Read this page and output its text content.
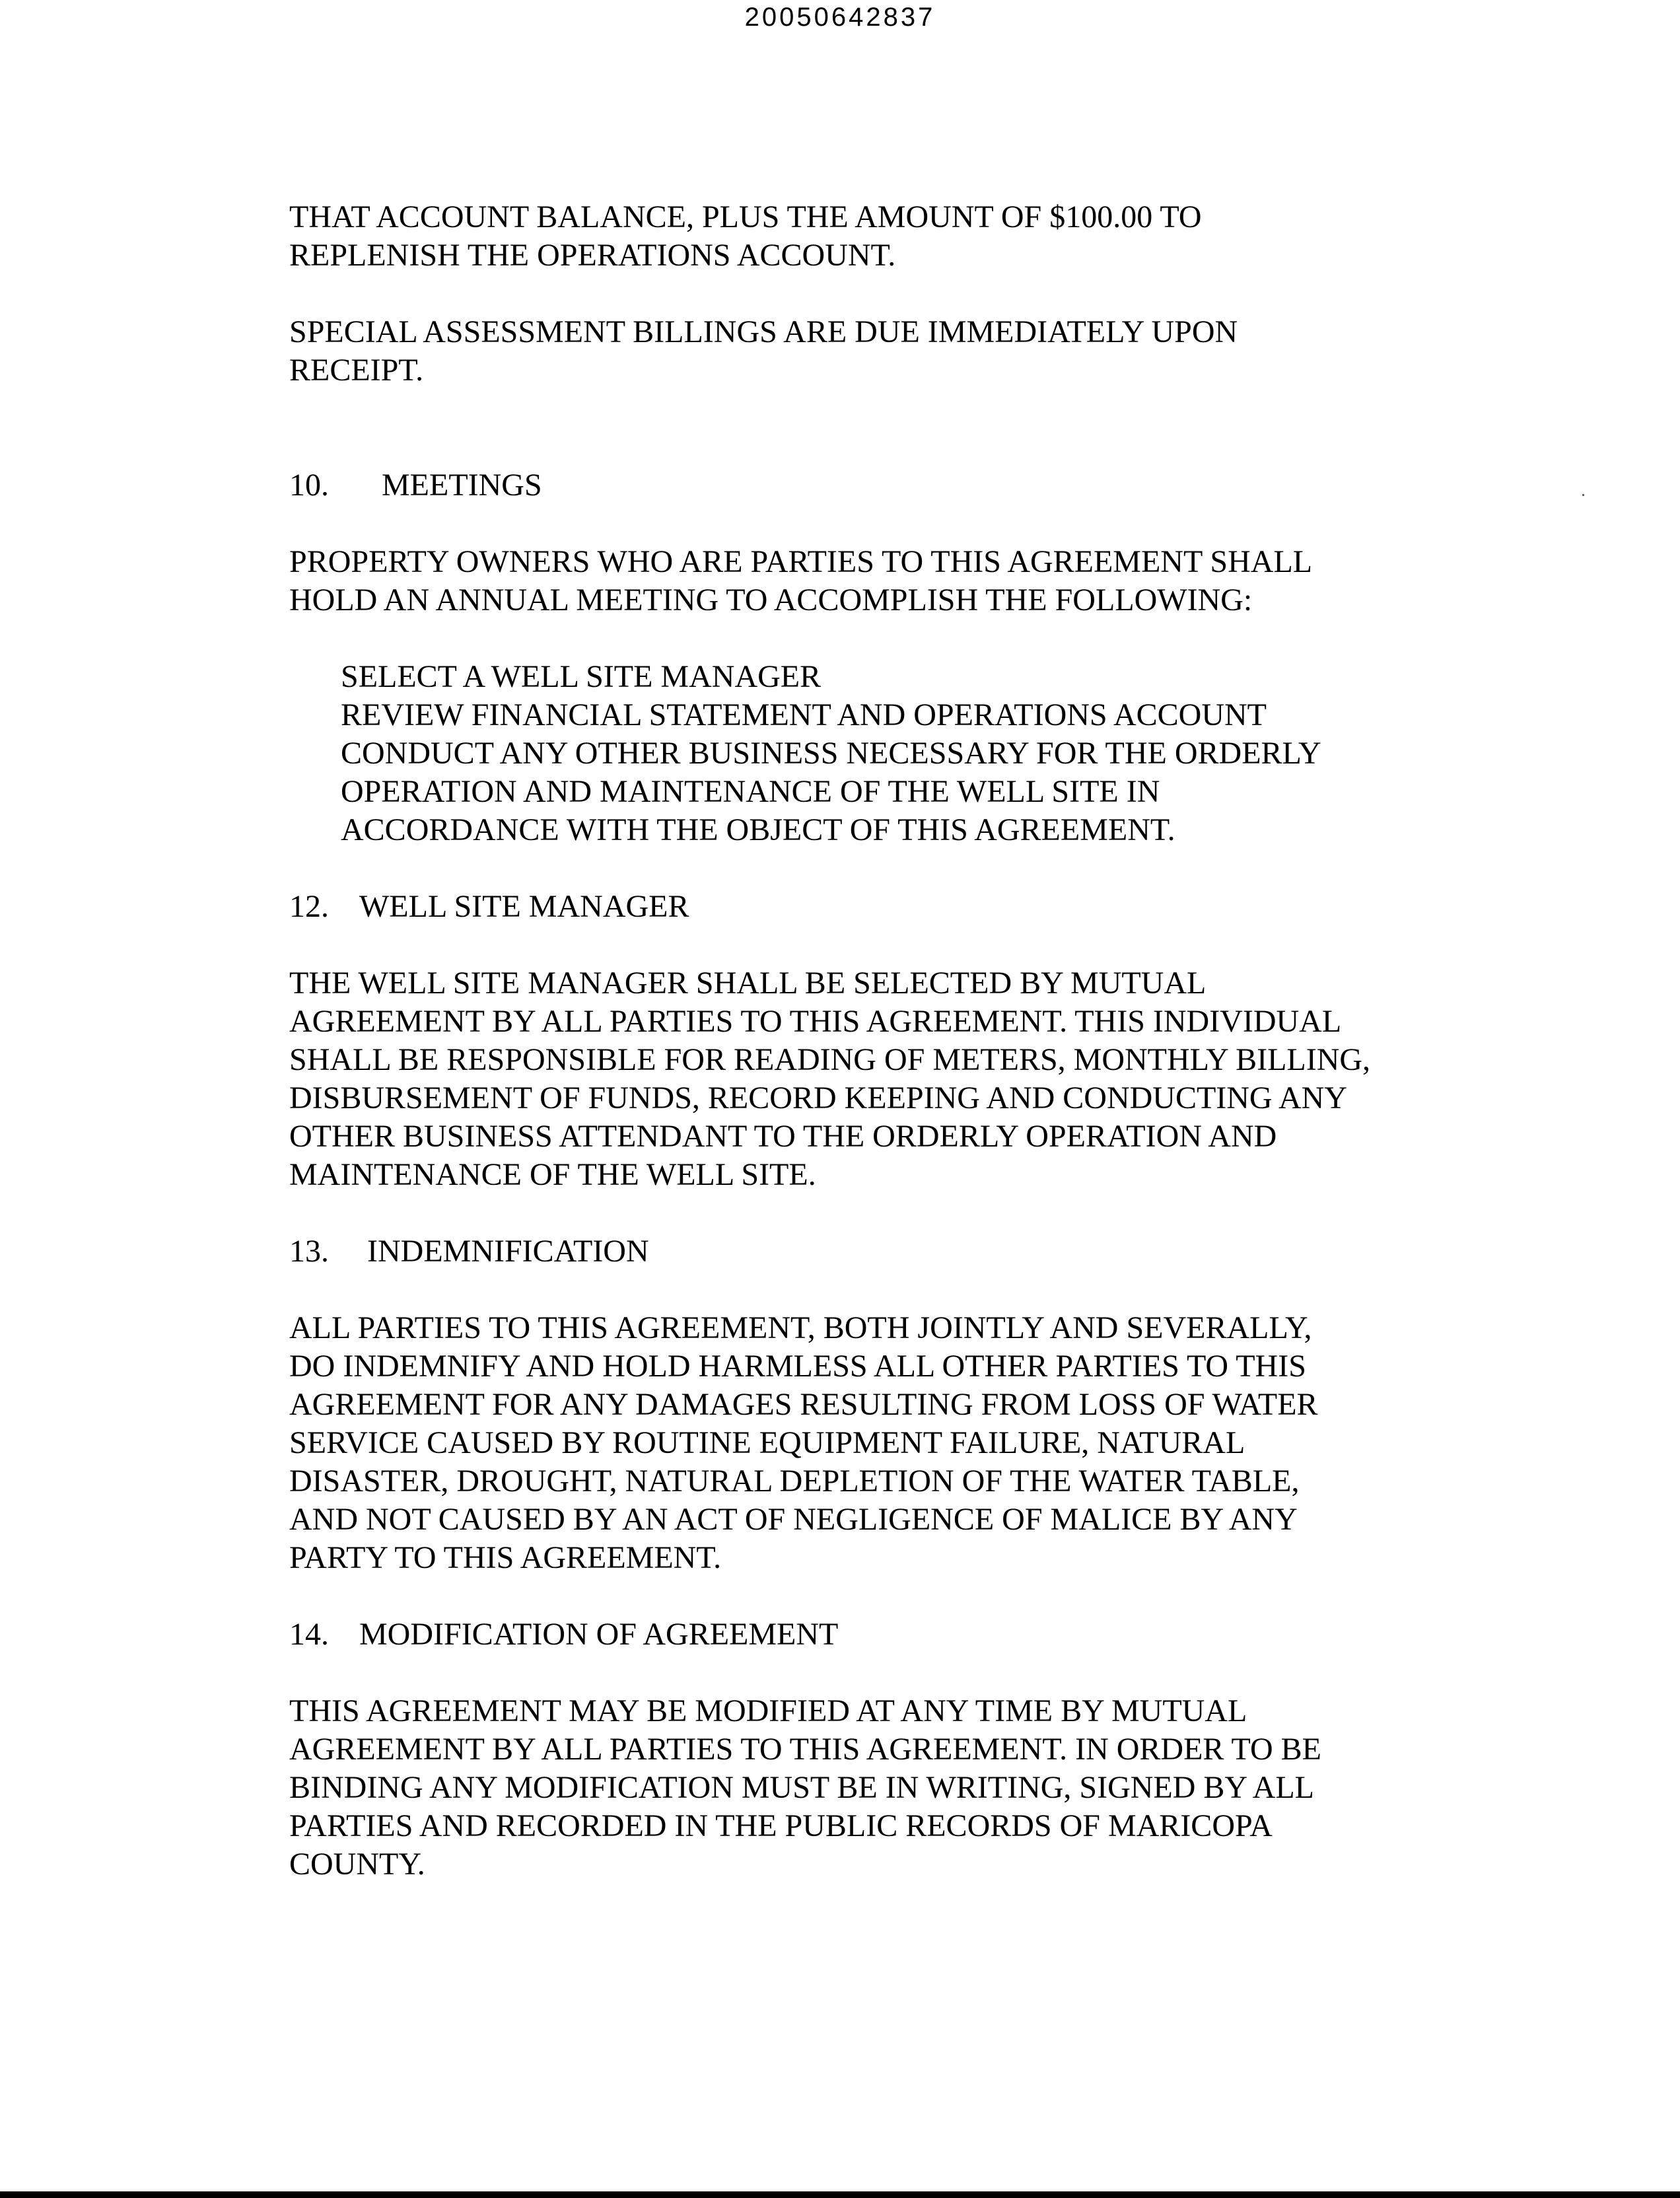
20050642837

THAT ACCOUNT BALANCE, PLUS THE AMOUNT OF $100.00 TO
REPLENISH THE OPERATIONS ACCOUNT.

SPECIAL ASSESSMENT BILLINGS ARE DUE IMMEDIATELY UPON
RECEIPT.

10. MEETINGS

PROPERTY OWNERS WHO ARE PARTIES TO THIS AGREEMENT SHALL
HOLD AN ANNUAL MEETING TO ACCOMPLISH THE FOLLOWING:

SELECT A WELL SITE MANAGER
REVIEW FINANCIAL STATEMENT AND OPERATIONS ACCOUNT
CONDUCT ANY OTHER BUSINESS NECESSARY FOR THE ORDERLY
OPERATION AND MAINTENANCE OF THE WELL SITE IN
ACCORDANCE WITH THE OBJECT OF THIS AGREEMENT.
12. WELL SITE MANAGER

THE WELL SITE MANAGER SHALL BE SELECTED BY MUTUAL
AGREEMENT BY ALL PARTIES TO THIS AGREEMENT. THIS INDIVIDUAL
SHALL BE RESPONSIBLE FOR READING OF METERS, MONTHLY BILLING,
DISBURSEMENT OF FUNDS, RECORD KEEPING AND CONDUCTING ANY
OTHER BUSINESS ATTENDANT TO THE ORDERLY OPERATION AND
MAINTENANCE OF THE WELL SITE.

13. INDEMNIFICATION

ALL PARTIES TO THIS AGREEMENT, BOTH JOINTLY AND SEVERALLY,
DO INDEMNIFY AND HOLD HARMLESS ALL OTHER PARTIES TO THIS
AGREEMENT FOR ANY DAMAGES RESULTING FROM LOSS OF WATER
SERVICE CAUSED BY ROUTINE EQUIPMENT FAILURE, NATURAL
DISASTER, DROUGHT, NATURAL DEPLETION OF THE WATER TABLE,
AND NOT CAUSED BY AN ACT OF NEGLIGENCE OF MALICE BY ANY
PARTY TO THIS AGREEMENT.

14. MODIFICATION OF AGREEMENT

THIS AGREEMENT MAY BE MODIFIED AT ANY TIME BY MUTUAL
AGREEMENT BY ALL PARTIES TO THIS AGREEMENT. IN ORDER TO BE
BINDING ANY MODIFICATION MUST BE IN WRITING, SIGNED BY ALL
PARTIES AND RECORDED IN THE PUBLIC RECORDS OF MARICOPA
COUNTY.
